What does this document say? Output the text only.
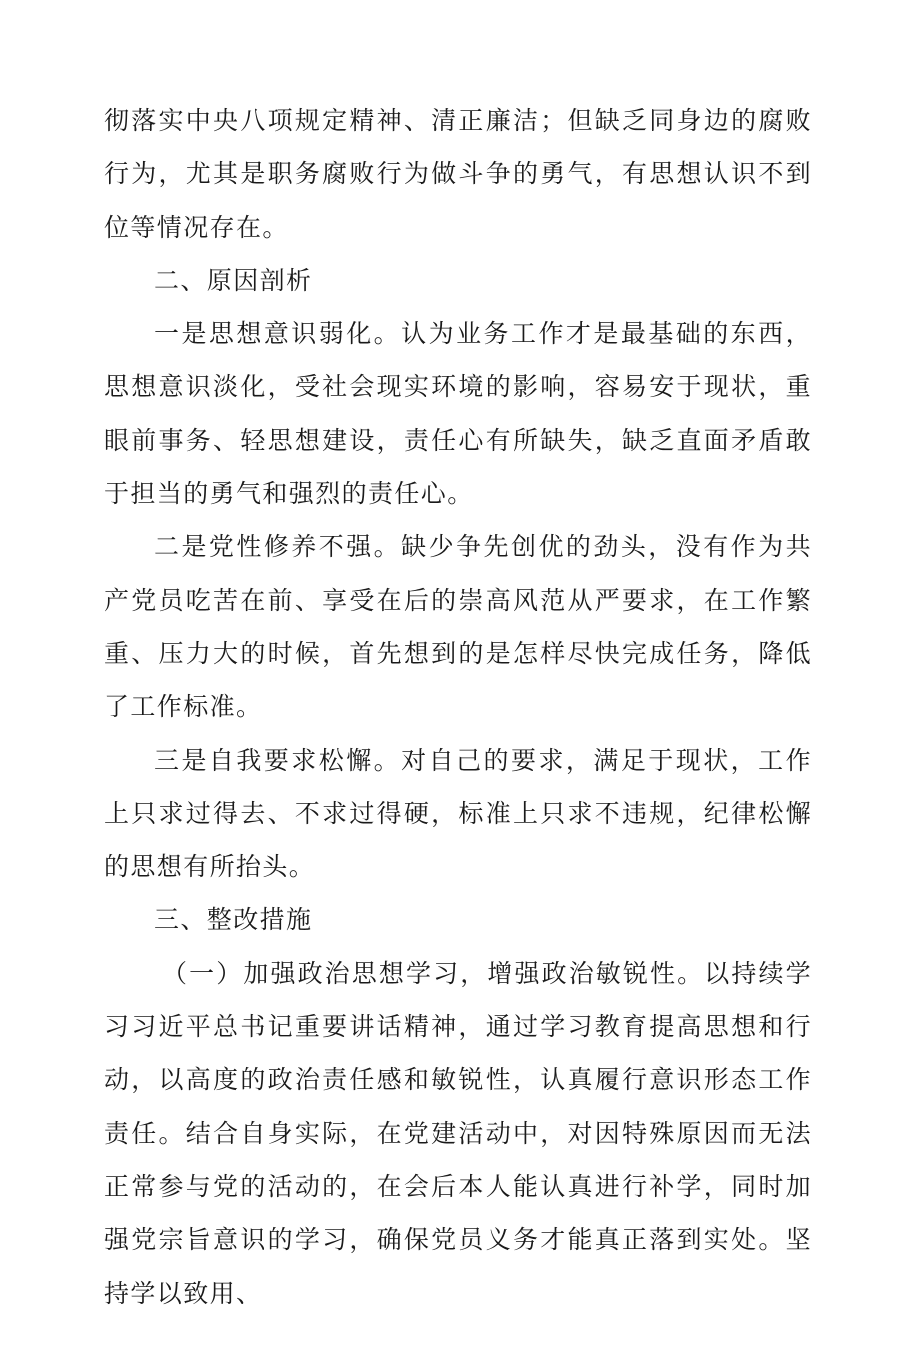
彻落实中央八项规定精神、清正廉洁；但缺乏同身边的腐败行为，尤其是职务腐败行为做斗争的勇气，有思想认识不到位等情况存在。

二、原因剖析

一是思想意识弱化。认为业务工作才是最基础的东西，思想意识淡化，受社会现实环境的影响，容易安于现状，重眼前事务、轻思想建设，责任心有所缺失，缺乏直面矛盾敢于担当的勇气和强烈的责任心。

二是党性修养不强。缺少争先创优的劲头，没有作为共产党员吃苦在前、享受在后的崇高风范从严要求，在工作繁重、压力大的时候，首先想到的是怎样尽快完成任务，降低了工作标准。

三是自我要求松懈。对自己的要求，满足于现状，工作上只求过得去、不求过得硬，标准上只求不违规，纪律松懈的思想有所抬头。

三、整改措施

（一）加强政治思想学习，增强政治敏锐性。以持续学习习近平总书记重要讲话精神，通过学习教育提高思想和行动，以高度的政治责任感和敏锐性，认真履行意识形态工作责任。结合自身实际，在党建活动中，对因特殊原因而无法正常参与党的活动的，在会后本人能认真进行补学，同时加强党宗旨意识的学习，确保党员义务才能真正落到实处。坚持学以致用、
